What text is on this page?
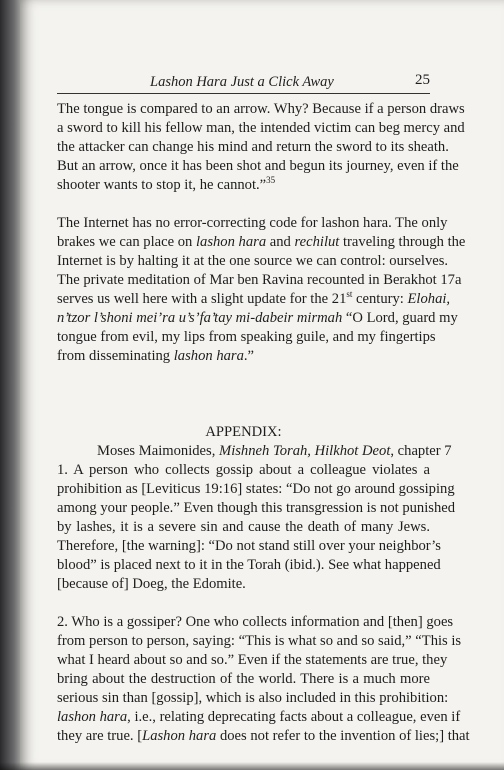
Lashon Hara Just a Click Away	25
The tongue is compared to an arrow. Why? Because if a person draws
a sword to kill his fellow man, the intended victim can beg mercy and
the attacker can change his mind and return the sword to its sheath.
But an arrow, once it has been shot and begun its journey, even if the
shooter wants to stop it, he cannot.”$^{35}$
The Internet has no error-correcting code for lashon hara. The only
brakes we can place on lashon hara and rechilut traveling through the
Internet is by halting it at the one source we can control: ourselves.
The private meditation of Mar ben Ravina recounted in Berakhot 17a
serves us well here with a slight update for the 21st century: Elohai,
n’tzor l’shoni mei’ra u’s’fa’tay mi-dabeir mirmah “O Lord, guard my
tongue from evil, my lips from speaking guile, and my fingertips
from disseminating lashon hara.”
APPENDIX:
Moses Maimonides, Mishneh Torah, Hilkhot Deot, chapter 7
1. A person who collects gossip about a colleague violates a
prohibition as [Leviticus 19:16] states: “Do not go around gossiping
among your people.” Even though this transgression is not punished
by lashes, it is a severe sin and cause the death of many Jews.
Therefore, [the warning]: “Do not stand still over your neighbor’s
blood” is placed next to it in the Torah (ibid.). See what happened
[because of] Doeg, the Edomite.
2. Who is a gossiper? One who collects information and [then] goes
from person to person, saying: “This is what so and so said,” “This is
what I heard about so and so.” Even if the statements are true, they
bring about the destruction of the world. There is a much more
serious sin than [gossip], which is also included in this prohibition:
lashon hara, i.e., relating deprecating facts about a colleague, even if
they are true. [Lashon hara does not refer to the invention of lies;] that
